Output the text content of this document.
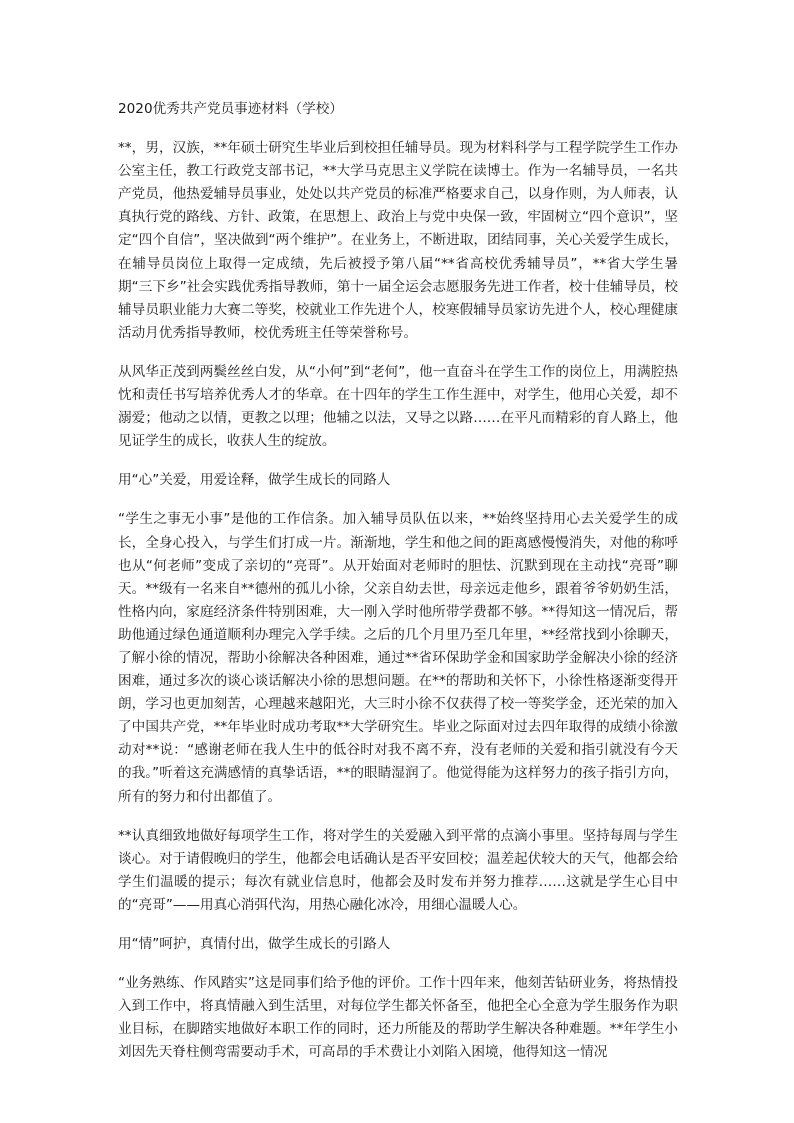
2020优秀共产党员事迹材料（学校）

**，男，汉族，**年硕士研究生毕业后到校担任辅导员。现为材料科学与工程学院学生工作办公室主任，教工行政党支部书记，**大学马克思主义学院在读博士。作为一名辅导员，一名共产党员，他热爱辅导员事业，处处以共产党员的标准严格要求自己，以身作则，为人师表，认真执行党的路线、方针、政策，在思想上、政治上与党中央保一致，牢固树立“四个意识”，坚定“四个自信”，坚决做到“两个维护”。在业务上，不断进取，团结同事，关心关爱学生成长，在辅导员岗位上取得一定成绩，先后被授予第八届“**省高校优秀辅导员”，**省大学生暑期“三下乡”社会实践优秀指导教师，第十一届全运会志愿服务先进工作者，校十佳辅导员，校辅导员职业能力大赛二等奖，校就业工作先进个人，校寒假辅导员家访先进个人，校心理健康活动月优秀指导教师，校优秀班主任等荣誉称号。

从风华正茂到两鬓丝丝白发，从“小何”到“老何”，他一直奋斗在学生工作的岗位上，用满腔热忱和责任书写培养优秀人才的华章。在十四年的学生工作生涯中，对学生，他用心关爱，却不溺爱；他动之以情，更教之以理；他辅之以法，又导之以路……在平凡而精彩的育人路上，他见证学生的成长，收获人生的绽放。

用“心”关爱，用爱诠释，做学生成长的同路人

“学生之事无小事”是他的工作信条。加入辅导员队伍以来，**始终坚持用心去关爱学生的成长，全身心投入，与学生们打成一片。渐渐地，学生和他之间的距离感慢慢消失，对他的称呼也从“何老师”变成了亲切的“亮哥”。从开始面对老师时的胆怯、沉默到现在主动找“亮哥”聊天。**级有一名来自**德州的孤儿小徐，父亲自幼去世，母亲远走他乡，跟着爷爷奶奶生活，性格内向，家庭经济条件特别困难，大一刚入学时他所带学费都不够。**得知这一情况后，帮助他通过绿色通道顺利办理完入学手续。之后的几个月里乃至几年里，**经常找到小徐聊天，了解小徐的情况，帮助小徐解决各种困难，通过**省环保助学金和国家助学金解决小徐的经济困难，通过多次的谈心谈话解决小徐的思想问题。在**的帮助和关怀下，小徐性格逐渐变得开朗，学习也更加刻苦，心理越来越阳光，大三时小徐不仅获得了校一等奖学金，还光荣的加入了中国共产党，**年毕业时成功考取**大学研究生。毕业之际面对过去四年取得的成绩小徐激动对**说：“感谢老师在我人生中的低谷时对我不离不弃，没有老师的关爱和指引就没有今天的我。”听着这充满感情的真挚话语，**的眼睛湿润了。他觉得能为这样努力的孩子指引方向，所有的努力和付出都值了。

**认真细致地做好每项学生工作，将对学生的关爱融入到平常的点滴小事里。坚持每周与学生谈心。对于请假晚归的学生，他都会电话确认是否平安回校；温差起伏较大的天气，他都会给学生们温暖的提示；每次有就业信息时，他都会及时发布并努力推荐……这就是学生心目中的“亮哥”——用真心消弭代沟，用热心融化冰冷，用细心温暖人心。

用“情”呵护，真情付出，做学生成长的引路人

“业务熟练、作风踏实”这是同事们给予他的评价。工作十四年来，他刻苦钻研业务，将热情投入到工作中，将真情融入到生活里，对每位学生都关怀备至，他把全心全意为学生服务作为职业目标，在脚踏实地做好本职工作的同时，还力所能及的帮助学生解决各种难题。**年学生小刘因先天脊柱侧弯需要动手术，可高昂的手术费让小刘陷入困境，他得知这一情况
